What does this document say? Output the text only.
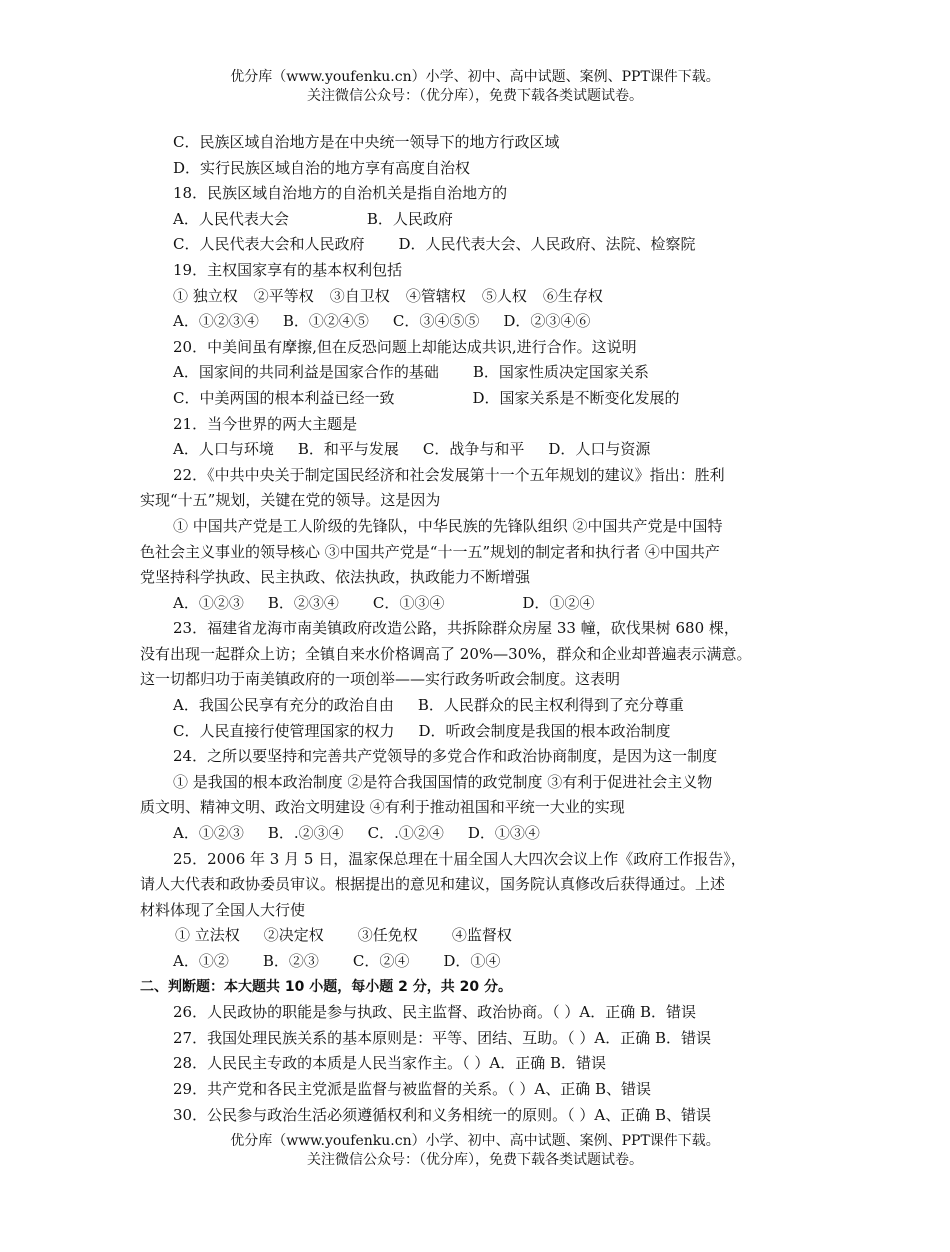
优分库（www.youfenku.cn）小学、初中、高中试题、案例、PPT课件下载。
关注微信公众号：（优分库），免费下载各类试题试卷。
C．民族区域自治地方是在中央统一领导下的地方行政区域
D．实行民族区域自治的地方享有高度自治权
18．民族区域自治地方的自治机关是指自治地方的
A．人民代表大会	B．人民政府
C．人民代表大会和人民政府 D．人民代表大会、人民政府、法院、检察院
19．主权国家享有的基本权利包括
① 独立权 ②平等权 ③自卫权 ④管辖权 ⑤人权 ⑥生存权
A．①②③④ B．①②④⑤ C．③④⑤⑤ D．②③④⑥
20．中美间虽有摩擦,但在反恐问题上却能达成共识,进行合作。这说明
A．国家间的共同利益是国家合作的基础 B．国家性质决定国家关系
C．中美两国的根本利益已经一致	D．国家关系是不断变化发展的
21．当今世界的两大主题是
A．人口与环境 B．和平与发展 C．战争与和平 D．人口与资源
22．《中共中央关于制定国民经济和社会发展第十一个五年规划的建议》指出：胜利
实现“十五”规划，关键在党的领导。这是因为
① 中国共产党是工人阶级的先锋队，中华民族的先锋队组织 ②中国共产党是中国特
色社会主义事业的领导核心 ③中国共产党是“十一五”规划的制定者和执行者 ④中国共产
党坚持科学执政、民主执政、依法执政，执政能力不断增强
A．①②③ B．②③④ C．①③④	D．①②④
23．福建省龙海市南美镇政府改造公路，共拆除群众房屋 33 幢，砍伐果树 680 棵，
没有出现一起群众上访；全镇自来水价格调高了 20%—30%，群众和企业却普遍表示满意。
这一切都归功于南美镇政府的一项创举——实行政务听政会制度。这表明
A．我国公民享有充分的政治自由 B．人民群众的民主权利得到了充分尊重
C．人民直接行使管理国家的权力 D．听政会制度是我国的根本政治制度
24．之所以要坚持和完善共产党领导的多党合作和政治协商制度，是因为这一制度
① 是我国的根本政治制度 ②是符合我国国情的政党制度 ③有利于促进社会主义物
质文明、精神文明、政治文明建设 ④有利于推动祖国和平统一大业的实现
A．①②③ B．.②③④ C．.①②④ D．①③④
25．2006 年 3 月 5 日，温家保总理在十届全国人大四次会议上作《政府工作报告》，
请人大代表和政协委员审议。根据提出的意见和建议，国务院认真修改后获得通过。上述
材料体现了全国人大行使
① 立法权 ②决定权 ③任免权 ④监督权
A．①② B．②③ C．②④ D．①④
二、判断题：本大题共 10 小题，每小题 2 分，共 20 分。
26．人民政协的职能是参与执政、民主监督、政治协商。（ ）A．正确 B．错误
27．我国处理民族关系的基本原则是：平等、团结、互助。（ ）A．正确 B．错误
28．人民民主专政的本质是人民当家作主。（ ）A．正确 B．错误
29．共产党和各民主党派是监督与被监督的关系。（ ）A、正确 B、错误
30．公民参与政治生活必须遵循权利和义务相统一的原则。（ ）A、正确 B、错误
优分库（www.youfenku.cn）小学、初中、高中试题、案例、PPT课件下载。
关注微信公众号：（优分库），免费下载各类试题试卷。
